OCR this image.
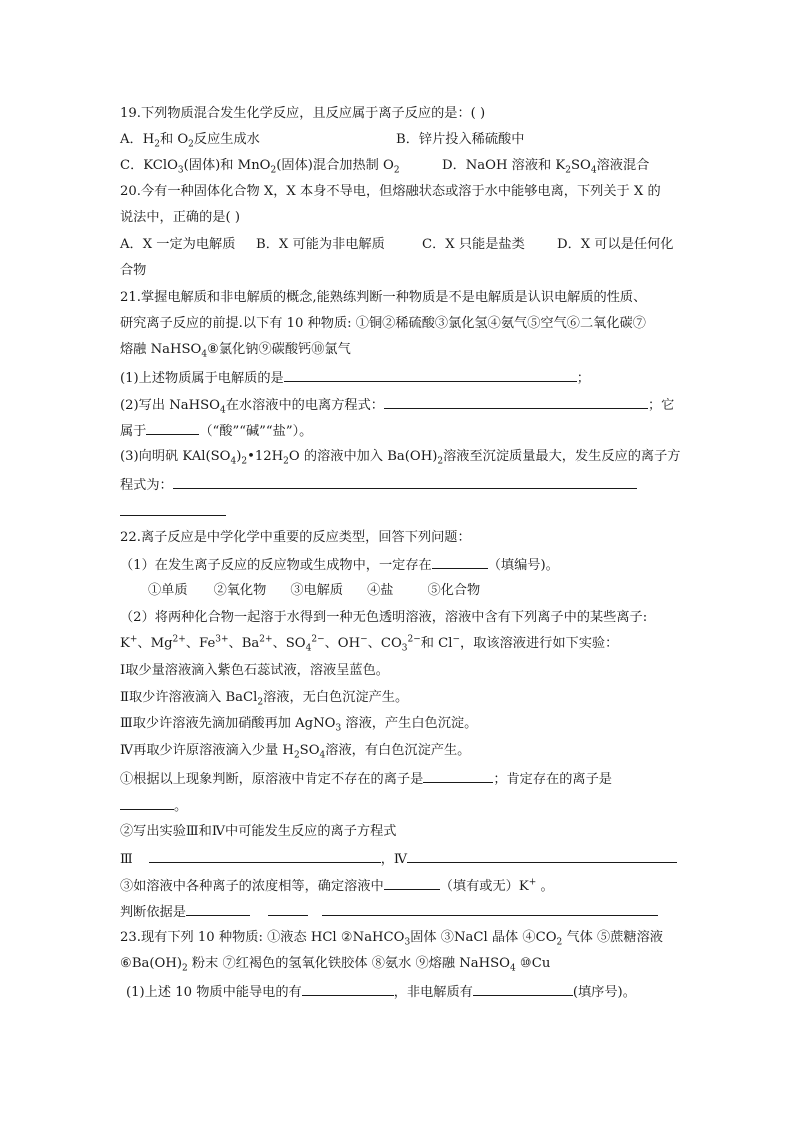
19.下列物质混合发生化学反应，且反应属于离子反应的是：( )
A．$H_2$和 $O_2$反应生成水	B．锌片投入稀硫酸中
C．KClO$_3$(固体)和 MnO$_2$(固体)混合加热制 $O_2$	D．NaOH 溶液和 $K_2SO_4$溶液混合
20.今有一种固体化合物 X，X 本身不导电，但熔融状态或溶于水中能够电离，下列关于 X 的
说法中，正确的是( )
A．X 一定为电解质 B．X 可能为非电解质	C．X 只能是盐类 D．X 可以是任何化
合物
21.掌握电解质和非电解质的概念,能熟练判断一种物质是不是电解质是认识电解质的性质、
研究离子反应的前提.以下有 10 种物质: ①铜②稀硫酸③氯化氢④氨气⑤空气⑥二氧化碳⑦
熔融 NaHSO$_4$⑧氯化钠⑨碳酸钙⑩氯气
(1)上述物质属于电解质的是	；
(2)写出 NaHSO$_4$在水溶液中的电离方程式：	；它
属于	（“酸”“碱”“盐”）。
(3)向明矾 $KAl(SO_4)_2•12H_2O$ 的溶液中加入 $Ba(OH)_2$溶液至沉淀质量最大，发生反应的离子方
程式为：
22.离子反应是中学化学中重要的反应类型，回答下列问题：
（1）在发生离子反应的反应物或生成物中，一定存在	（填编号)。
①单质 ②氧化物 ③电解质 ④盐	⑤化合物
（2）将两种化合物一起溶于水得到一种无色透明溶液，溶液中含有下列离子中的某些离子:
K+、$Mg^{2+}$、$Fe^{3+}$、$Ba^{2+}$、$SO_4^{2-}$、OH−、$CO_3^{2-}$和 Cl−，取该溶液进行如下实验：
Ⅰ取少量溶液滴入紫色石蕊试液，溶液呈蓝色。
Ⅱ取少许溶液滴入 BaCl$_2$溶液，无白色沉淀产生。
Ⅲ取少许溶液先滴加硝酸再加 AgNO$_3$ 溶液，产生白色沉淀。
Ⅳ再取少许原溶液滴入少量 $H_2SO_4$溶液，有白色沉淀产生。
①根据以上现象判断，原溶液中肯定不存在的离子是	；肯定存在的离子是
。
②写出实验Ⅲ和Ⅳ中可能发生反应的离子方程式
Ⅲ	，Ⅳ
③如溶液中各种离子的浓度相等，确定溶液中	（填有或无）K+ 。
判断依据是
23.现有下列 10 种物质: ①液态 HCl ②NaHCO$_3$固体 ③NaCl 晶体 $④CO_2$ 气体 ⑤蔗糖溶液
$⑥Ba(OH)_2$ 粉末 ⑦红褐色的氢氧化铁胶体 ⑧氨水 ⑨熔融 NaHSO$_4$ ⑩Cu
(1)上述 10 物质中能导电的有	，非电解质有	(填序号)。
